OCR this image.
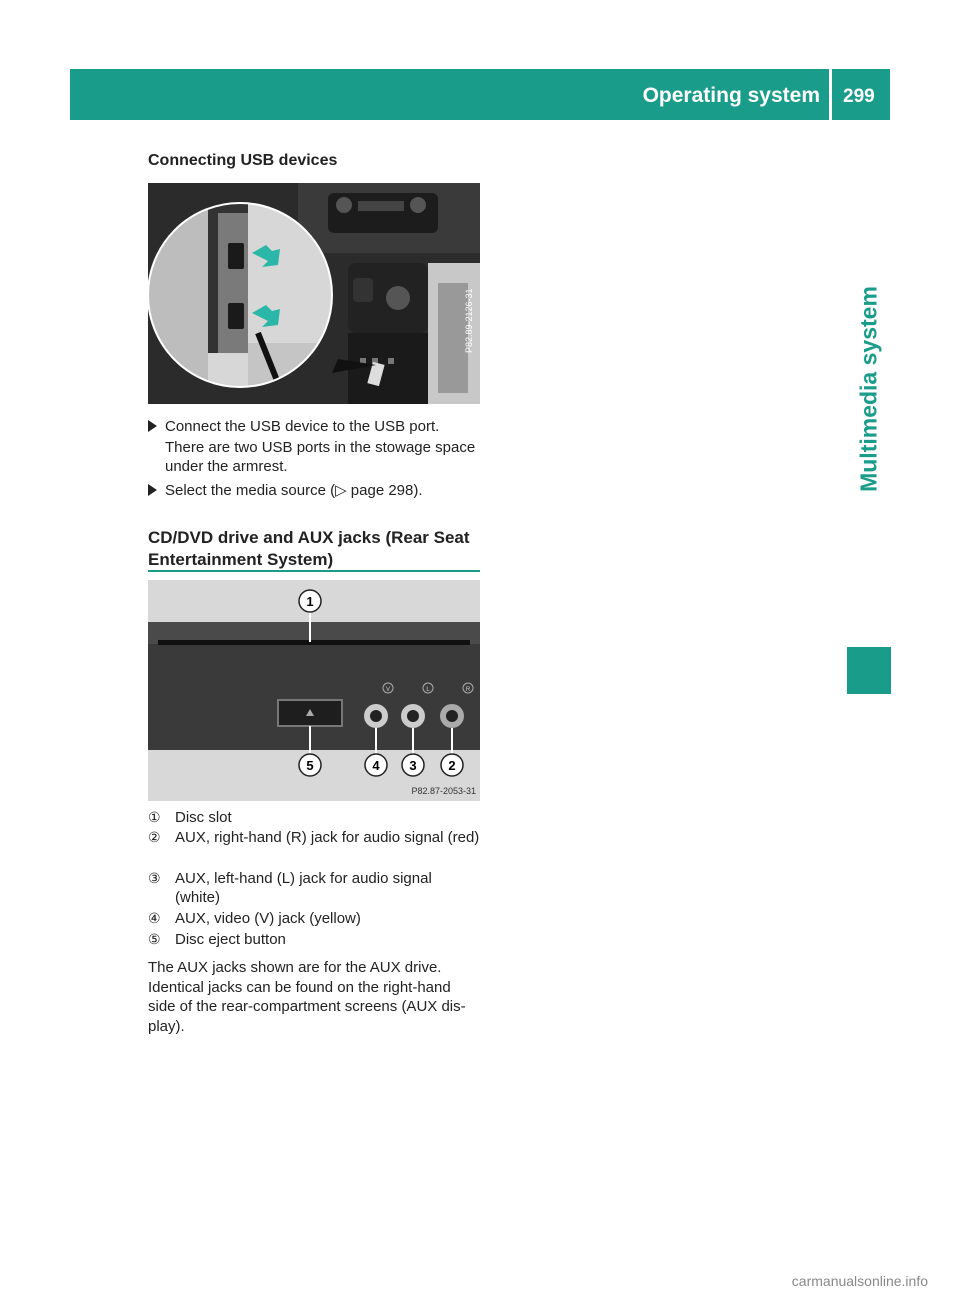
Operating system 299
Multimedia system
Connecting USB devices
P82.89-2126-31
Connect the USB device to the USB port.
There are two USB ports in the stowage space under the armrest.
Select the media source (▷ page 298).
CD/DVD drive and AUX jacks (Rear Seat Entertainment System)
V	L	R
1
5	4 3 2
P82.87-2053-31
① Disc slot
② AUX, right-hand (R) jack for audio signal (red)
③ AUX, left-hand (L) jack for audio signal (white)
④ AUX, video (V) jack (yellow)
⑤ Disc eject button
The AUX jacks shown are for the AUX drive. Identical jacks can be found on the right-hand side of the rear-compartment screens (AUX dis-play).
carmanualsonline.info
